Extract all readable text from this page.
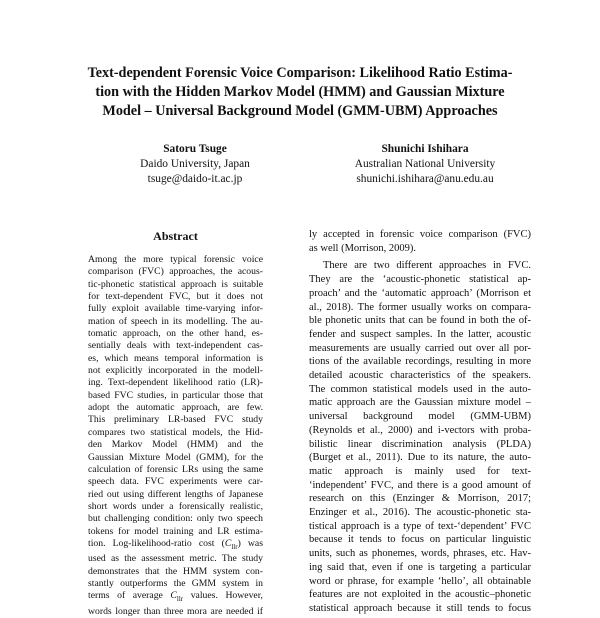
Text-dependent Forensic Voice Comparison: Likelihood Ratio Estima-
tion with the Hidden Markov Model (HMM) and Gaussian Mixture
Model – Universal Background Model (GMM-UBM) Approaches
Satoru Tsuge
Daido University, Japan
tsuge@daido-it.ac.jp
Shunichi Ishihara
Australian National University
shunichi.ishihara@anu.edu.au
Abstract
Among the more typical forensic voice
comparison (FVC) approaches, the acous-
tic-phonetic statistical approach is suitable
for text-dependent FVC, but it does not
fully exploit available time-varying infor-
mation of speech in its modelling. The au-
tomatic approach, on the other hand, es-
sentially deals with text-independent cas-
es, which means temporal information is
not explicitly incorporated in the modell-
ing. Text-dependent likelihood ratio (LR)-
based FVC studies, in particular those that
adopt the automatic approach, are few.
This preliminary LR-based FVC study
compares two statistical models, the Hid-
den Markov Model (HMM) and the
Gaussian Mixture Model (GMM), for the
calculation of forensic LRs using the same
speech data. FVC experiments were car-
ried out using different lengths of Japanese
short words under a forensically realistic,
but challenging condition: only two speech
tokens for model training and LR estima-
tion. Log-likelihood-ratio cost $(C_{llr})$ was
used as the assessment metric. The study
demonstrates that the HMM system con-
stantly outperforms the GMM system in
terms of average $C_{llr}$ values. However,
words longer than three mora are needed if
ly accepted in forensic voice comparison (FVC)
as well (Morrison, 2009).
There are two different approaches in FVC.
They are the ‘acoustic-phonetic statistical ap-
proach’ and the ‘automatic approach’ (Morrison et
al., 2018). The former usually works on compara-
ble phonetic units that can be found in both the of-
fender and suspect samples. In the latter, acoustic
measurements are usually carried out over all por-
tions of the available recordings, resulting in more
detailed acoustic characteristics of the speakers.
The common statistical models used in the auto-
matic approach are the Gaussian mixture model –
universal background model (GMM-UBM)
(Reynolds et al., 2000) and i-vectors with proba-
bilistic linear discrimination analysis (PLDA)
(Burget et al., 2011). Due to its nature, the auto-
matic approach is mainly used for text-
‘independent’ FVC, and there is a good amount of
research on this (Enzinger & Morrison, 2017;
Enzinger et al., 2016). The acoustic-phonetic sta-
tistical approach is a type of text-‘dependent’ FVC
because it tends to focus on particular linguistic
units, such as phonemes, words, phrases, etc. Hav-
ing said that, even if one is targeting a particular
word or phrase, for example ‘hello’, all obtainable
features are not exploited in the acoustic–phonetic
statistical approach because it still tends to focus
